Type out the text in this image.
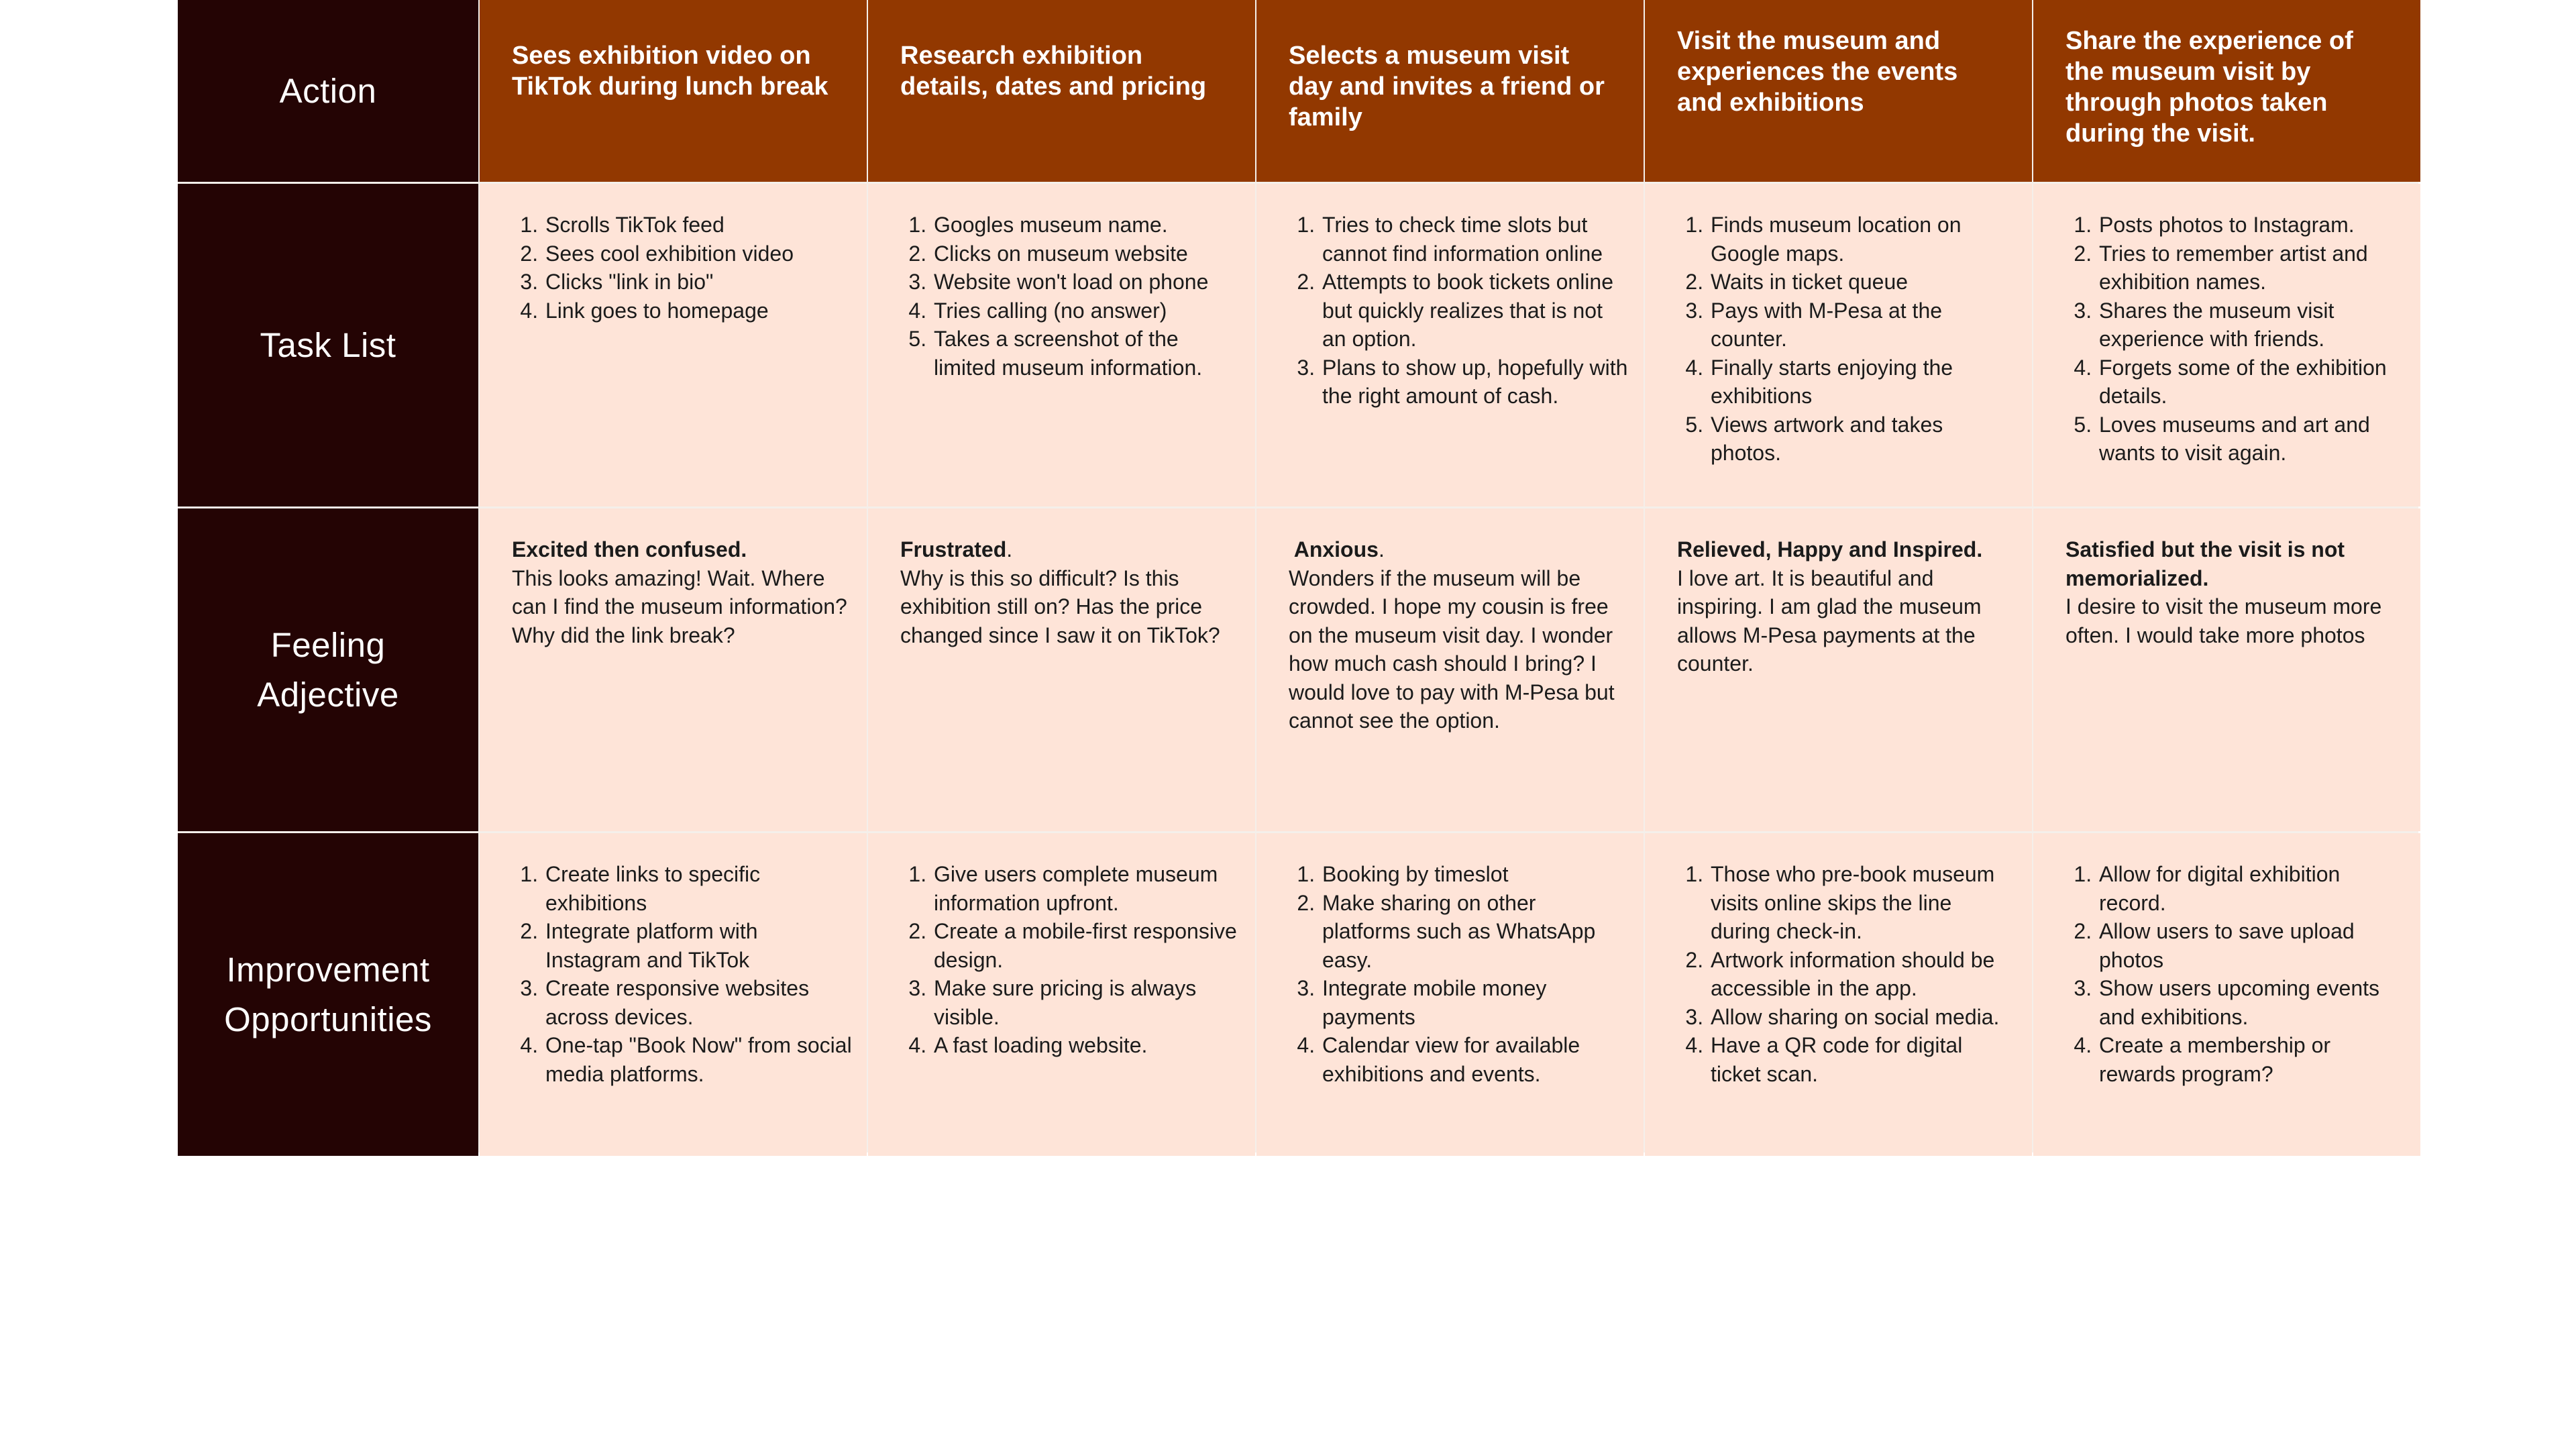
Action
Sees exhibition video on TikTok during lunch break
Research exhibition details, dates and pricing
Selects a museum visit day and invites a friend or family
Visit the museum and experiences the events and exhibitions
Share the experience of the museum visit by through photos taken during the visit.
Task List
1. Scrolls TikTok feed
2. Sees cool exhibition video
3. Clicks "link in bio"
4. Link goes to homepage
1. Googles museum name.
2. Clicks on museum website
3. Website won't load on phone
4. Tries calling (no answer)
5. Takes a screenshot of the limited museum information.
1. Tries to check time slots but cannot find information online
2. Attempts to book tickets online but quickly realizes that is not an option.
3. Plans to show up, hopefully with the right amount of cash.
1. Finds museum location on Google maps.
2. Waits in ticket queue
3. Pays with M-Pesa at the counter.
4. Finally starts enjoying the exhibitions
5. Views artwork and takes photos.
1. Posts photos to Instagram.
2. Tries to remember artist and exhibition names.
3. Shares the museum visit experience with friends.
4. Forgets some of the exhibition details.
5. Loves museums and art and wants to visit again.
Feeling
Adjective
Excited then confused.
This looks amazing! Wait. Where can I find the museum information? Why did the link break?
Frustrated.
Why is this so difficult? Is this exhibition still on? Has the price changed since I saw it on TikTok?
Anxious.
Wonders if the museum will be crowded. I hope my cousin is free on the museum visit day. I wonder how much cash should I bring? I would love to pay with M-Pesa but cannot see the option.
Relieved, Happy and Inspired.
I love art. It is beautiful and inspiring. I am glad the museum allows M-Pesa payments at the counter.
Satisfied but the visit is not memorialized.
I desire to visit the museum more often. I would take more photos
Improvement
Opportunities
1. Create links to specific exhibitions
2. Integrate platform with Instagram and TikTok
3. Create responsive websites across devices.
4. One-tap "Book Now" from social media platforms.
1. Give users complete museum information upfront.
2. Create a mobile-first responsive design.
3. Make sure pricing is always visible.
4. A fast loading website.
1. Booking by timeslot
2. Make sharing on other platforms such as WhatsApp easy.
3. Integrate mobile money payments
4. Calendar view for available exhibitions and events.
1. Those who pre-book museum visits online skips the line during check-in.
2. Artwork information should be accessible in the app.
3. Allow sharing on social media.
4. Have a QR code for digital ticket scan.
1. Allow for digital exhibition record.
2. Allow users to save upload photos
3. Show users upcoming events and exhibitions.
4. Create a membership or rewards program?
